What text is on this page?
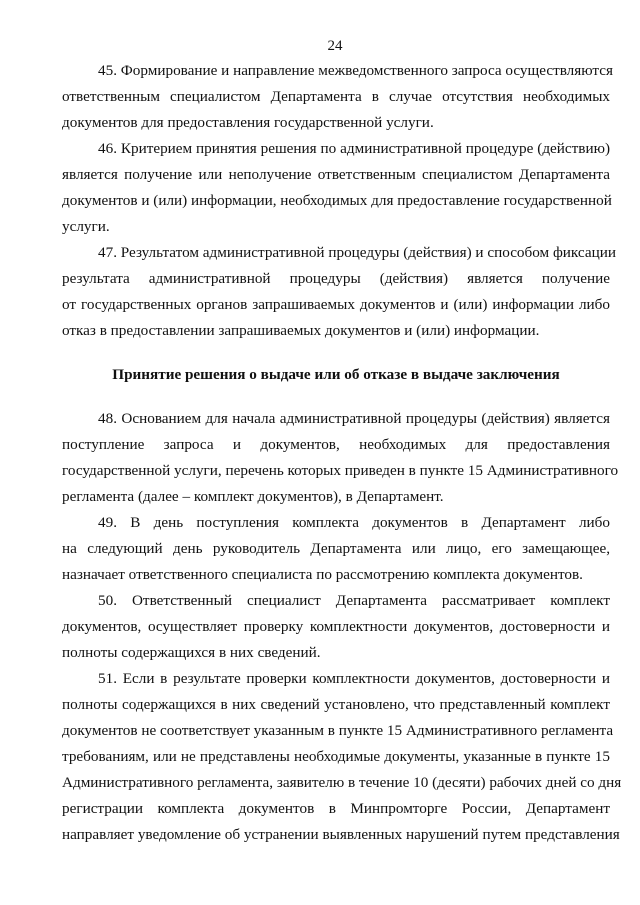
24
45. Формирование и направление межведомственного запроса осуществляются
ответственным специалистом Департамента в случае отсутствия необходимых
документов для предоставления государственной услуги.
46. Критерием принятия решения по административной процедуре (действию)
является получение или неполучение ответственным специалистом Департамента
документов и (или) информации, необходимых для предоставление государственной
услуги.
47. Результатом административной процедуры (действия) и способом фиксации
результата административной процедуры (действия) является получение
от государственных органов запрашиваемых документов и (или) информации либо
отказ в предоставлении запрашиваемых документов и (или) информации.
Принятие решения о выдаче или об отказе в выдаче заключения
48. Основанием для начала административной процедуры (действия) является
поступление запроса и документов, необходимых для предоставления
государственной услуги, перечень которых приведен в пункте 15 Административного
регламента (далее – комплект документов), в Департамент.
49. В день поступления комплекта документов в Департамент либо
на следующий день руководитель Департамента или лицо, его замещающее,
назначает ответственного специалиста по рассмотрению комплекта документов.
50. Ответственный специалист Департамента рассматривает комплект
документов, осуществляет проверку комплектности документов, достоверности и
полноты содержащихся в них сведений.
51. Если в результате проверки комплектности документов, достоверности и
полноты содержащихся в них сведений установлено, что представленный комплект
документов не соответствует указанным в пункте 15 Административного регламента
требованиям, или не представлены необходимые документы, указанные в пункте 15
Административного регламента, заявителю в течение 10 (десяти) рабочих дней со дня
регистрации комплекта документов в Минпромторге России, Департамент
направляет уведомление об устранении выявленных нарушений путем представления
